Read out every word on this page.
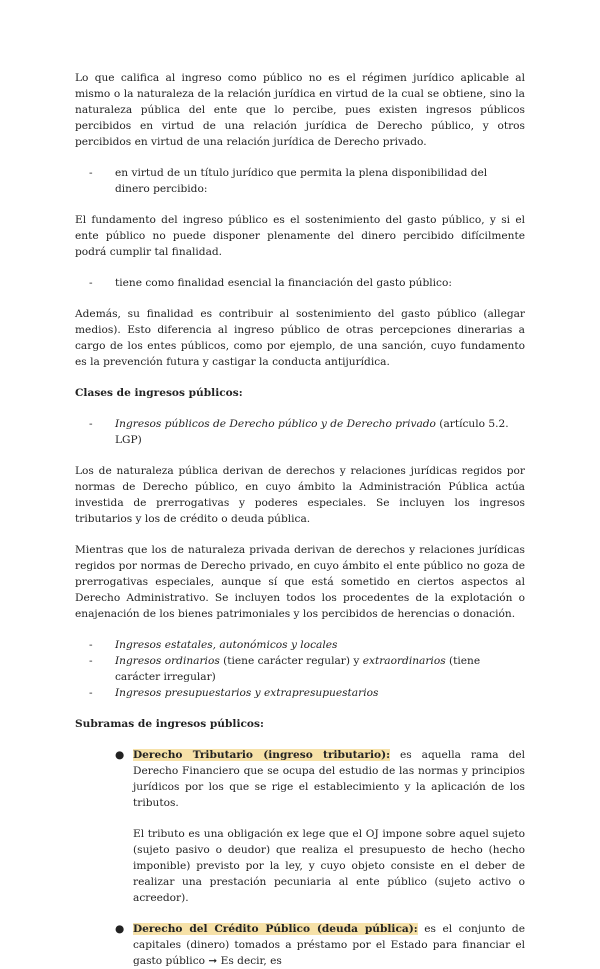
Lo que califica al ingreso como público no es el régimen jurídico aplicable al mismo o la naturaleza de la relación jurídica en virtud de la cual se obtiene, sino la naturaleza pública del ente que lo percibe, pues existen ingresos públicos percibidos en virtud de una relación jurídica de Derecho público, y otros percibidos en virtud de una relación jurídica de Derecho privado.

-	en virtud de un título jurídico que permita la plena disponibilidad del dinero percibido:

El fundamento del ingreso público es el sostenimiento del gasto público, y si el ente público no puede disponer plenamente del dinero percibido difícilmente podrá cumplir tal finalidad.

-	tiene como finalidad esencial la financiación del gasto público:

Además, su finalidad es contribuir al sostenimiento del gasto público (allegar medios). Esto diferencia al ingreso público de otras percepciones dinerarias a cargo de los entes públicos, como por ejemplo, de una sanción, cuyo fundamento es la prevención futura y castigar la conducta antijurídica.

Clases de ingresos públicos:
-	Ingresos públicos de Derecho público y de Derecho privado (artículo 5.2. LGP)

Los de naturaleza pública derivan de derechos y relaciones jurídicas regidos por normas de Derecho público, en cuyo ámbito la Administración Pública actúa investida de prerrogativas y poderes especiales. Se incluyen los ingresos tributarios y los de crédito o deuda pública.

Mientras que los de naturaleza privada derivan de derechos y relaciones jurídicas regidos por normas de Derecho privado, en cuyo ámbito el ente público no goza de prerrogativas especiales, aunque sí que está sometido en ciertos aspectos al Derecho Administrativo. Se incluyen todos los procedentes de la explotación o enajenación de los bienes patrimoniales y los percibidos de herencias o donación.

-	Ingresos estatales, autonómicos y locales
-	Ingresos ordinarios (tiene carácter regular) y extraordinarios (tiene carácter irregular)
-	Ingresos presupuestarios y extrapresupuestarios
Subramas de ingresos públicos:
● Derecho Tributario (ingreso tributario): es aquella rama del Derecho Financiero que se ocupa del estudio de las normas y principios jurídicos por los que se rige el establecimiento y la aplicación de los tributos.

El tributo es una obligación ex lege que el OJ impone sobre aquel sujeto (sujeto pasivo o deudor) que realiza el presupuesto de hecho (hecho imponible) previsto por la ley, y cuyo objeto consiste en el deber de realizar una prestación pecuniaria al ente público (sujeto activo o acreedor).

● Derecho del Crédito Público (deuda pública): es el conjunto de capitales (dinero) tomados a préstamo por el Estado para financiar el gasto público ➞ Es decir, es
